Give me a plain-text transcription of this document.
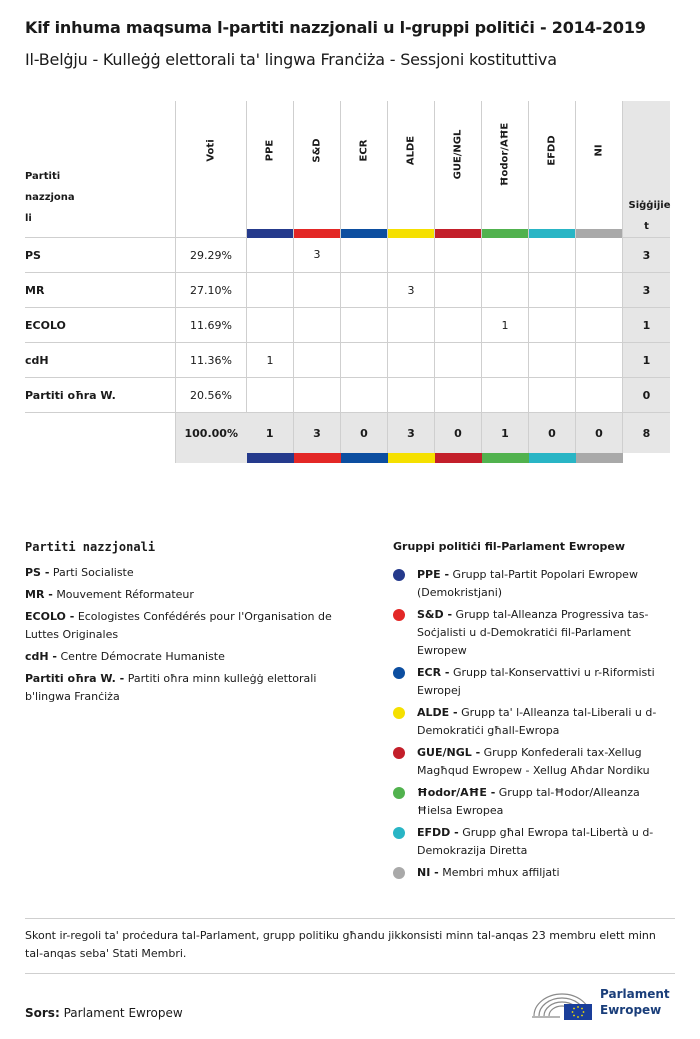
Kif inhuma maqsuma l-partiti nazzjonali u l-gruppi politiċi - 2014-2019
Il-Belġju - Kulleġġ elettorali ta' lingwa Franċiża - Sessjoni kostituttiva
Partiti nazzjona li	Voti	PPE	S&D	ECR	ALDE	GUE/NGL	Ħodor/AĦE	EFDD	NI	Siġġijie t

PS	29.29%		3							3
MR	27.10%				3					3
ECOLO	11.69%						1			1
cdH	11.36%	1								1
Partiti oħra W.	20.56%									0
	100.00%	1	3	0	3	0	1	0	0	8

Partiti nazzjonali

PS - Parti Socialiste

MR - Mouvement Réformateur

ECOLO - Ecologistes Confédérés pour l'Organisation de Luttes Originales

cdH - Centre Démocrate Humaniste

Partiti oħra W. - Partiti oħra minn kulleġġ elettorali b'lingwa Franċiża

Gruppi politiċi fil-Parlament Ewropew
PPE - Grupp tal-Partit Popolari Ewropew (Demokristjani)
S&D - Grupp tal-Alleanza Progressiva tas-Soċjalisti u d-Demokratiċi fil-Parlament Ewropew
ECR - Grupp tal-Konservattivi u r-Riformisti Ewropej
ALDE - Grupp ta' l-Alleanza tal-Liberali u d-Demokratiċi għall-Ewropa
GUE/NGL - Grupp Konfederali tax-Xellug Magħqud Ewropew - Xellug Aħdar Nordiku
Ħodor/AĦE - Grupp tal-Ħodor/Alleanza Ħielsa Ewropea
EFDD - Grupp għal Ewropa tal-Libertà u d-Demokrazija Diretta
NI - Membri mhux affiljati
Skont ir-regoli ta' proċedura tal-Parlament, grupp politiku għandu jikkonsisti minn tal-anqas 23 membru elett minn tal-anqas seba' Stati Membri.
Sors: Parlament Ewropew
Parlament
Ewropew
